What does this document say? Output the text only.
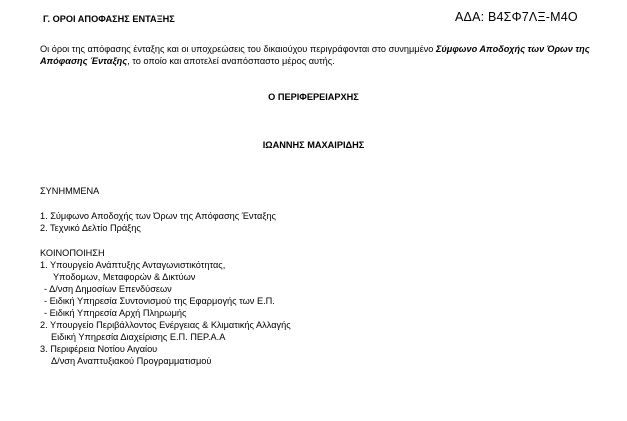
ΑΔΑ: Β4ΣΦ7ΛΞ-Μ4Ο
Γ. ΟΡΟΙ ΑΠΟΦΑΣΗΣ ΕΝΤΑΞΗΣ
Οι όροι της απόφασης ένταξης και οι υποχρεώσεις του δικαιούχου περιγράφονται στο συνημμένο Σύμφωνο Αποδοχής των Όρων της Απόφασης Ένταξης, το οποίο και αποτελεί αναπόσπαστο μέρος αυτής.
Ο ΠΕΡΙΦΕΡΕΙΑΡΧΗΣ
ΙΩΑΝΝΗΣ ΜΑΧΑΙΡΙΔΗΣ
ΣΥΝΗΜΜΕΝΑ
1. Σύμφωνο Αποδοχής των Όρων της Απόφασης Ένταξης
2. Τεχνικό Δελτίο Πράξης
ΚΟΙΝΟΠΟΙΗΣΗ
1. Υπουργείο Ανάπτυξης Ανταγωνιστικότητας,
Υποδομων, Μεταφορών & Δικτύων
- Δ/νση Δημοσίων Επενδύσεων
- Ειδική Υπηρεσία Συντονισμού της Εφαρμογής των Ε.Π.
- Ειδική Υπηρεσία Αρχή Πληρωμής
2. Υπουργείο Περιβάλλοντος Ενέργειας & Κλιματικής Αλλαγής
Ειδική Υπηρεσία Διαχείρισης Ε.Π. ΠΕΡ.Α.Α
3. Περιφέρεια Νοτίου Αιγαίου
Δ/νση Αναπτυξιακού Προγραμματισμού
